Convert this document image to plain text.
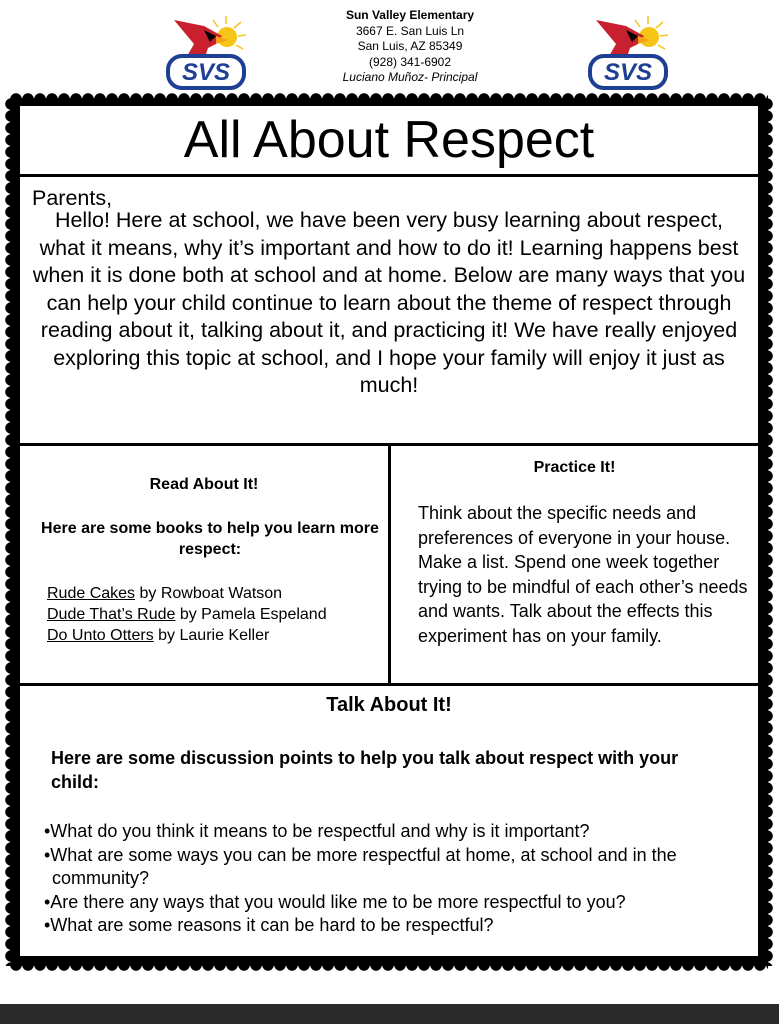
SVS
Sun Valley Elementary
3667 E. San Luis Ln
San Luis, AZ 85349
(928) 341-6902
Luciano Muñoz- Principal	SVS
All About Respect
Parents,
Hello! Here at school, we have been very busy learning about respect, what it means, why it’s important and how to do it! Learning happens best when it is done both at school and at home. Below are many ways that you can help your child continue to learn about the theme of respect through reading about it, talking about it, and practicing it! We have really enjoyed exploring this topic at school, and I hope your family will enjoy it just as much!
Read About It!
Here are some books to help you learn more respect:
Rude Cakes by Rowboat Watson
Dude That’s Rude by Pamela Espeland
Do Unto Otters by Laurie Keller
Practice It!
Think about the specific needs and preferences of everyone in your house. Make a list. Spend one week together trying to be mindful of each other’s needs and wants. Talk about the effects this experiment has on your family.
Talk About It!
Here are some discussion points to help you talk about respect with your child:
•What do you think it means to be respectful and why is it important?
•What are some ways you can be more respectful at home, at school and in the community?
•Are there any ways that you would like me to be more respectful to you?
•What are some reasons it can be hard to be respectful?
